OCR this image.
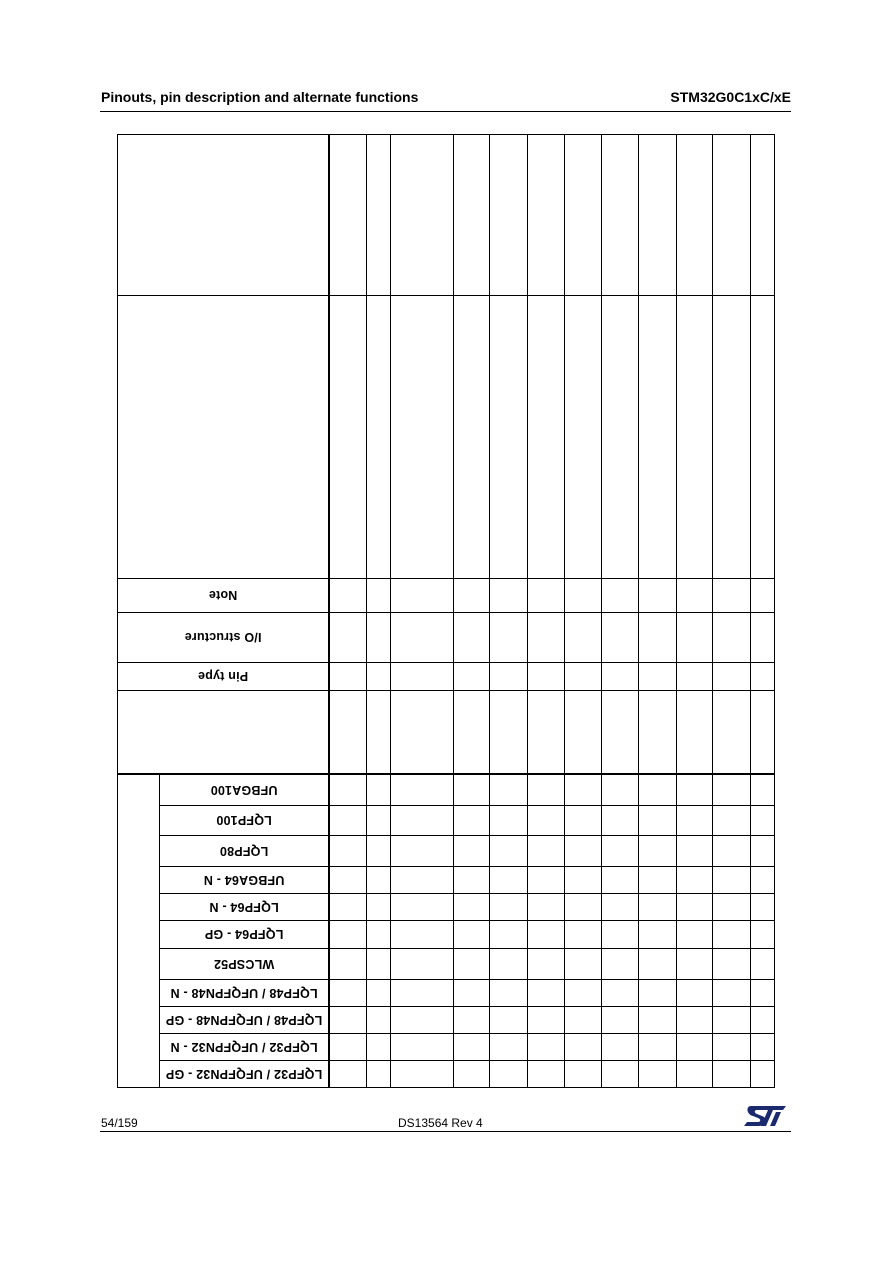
Pinouts, pin description and alternate functions	STM32G0C1xC/xE
Note
I/O structure
Pin type
UFBGA100
LQFP100
LQFP80
UFBGA64 - N
LQFP64 - N
LQFP64 - GP
WLCSP52
LQFP48 / UFQFPN48 - N
LQFP48 / UFQFPN48 - GP
LQFP32 / UFQFPN32 - N
LQFP32 / UFQFPN32 - GP
54/159	DS13564 Rev 4
